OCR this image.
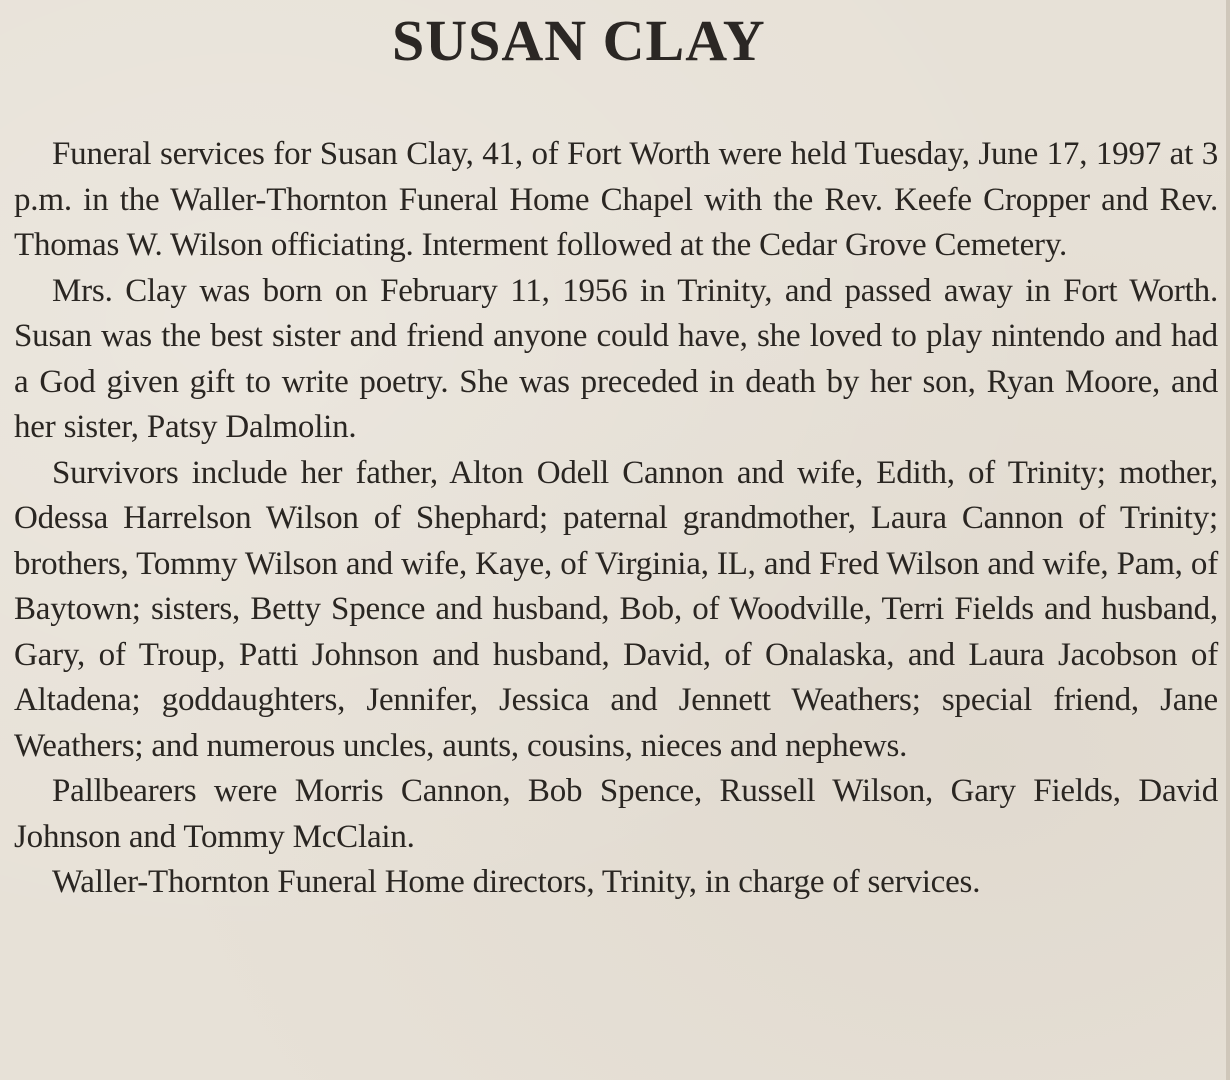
SUSAN CLAY

Funeral services for Susan Clay, 41, of Fort Worth were held Tuesday, June 17, 1997 at 3 p.m. in the Waller-Thornton Funeral Home Chapel with the Rev. Keefe Cropper and Rev. Thomas W. Wilson officiating. Interment followed at the Cedar Grove Cemetery.

Mrs. Clay was born on February 11, 1956 in Trinity, and passed away in Fort Worth. Susan was the best sister and friend anyone could have, she loved to play nintendo and had a God given gift to write poetry. She was preceded in death by her son, Ryan Moore, and her sister, Patsy Dalmolin.

Survivors include her father, Alton Odell Cannon and wife, Edith, of Trinity; mother, Odessa Harrelson Wilson of Shephard; paternal grandmother, Laura Cannon of Trinity; brothers, Tommy Wilson and wife, Kaye, of Virginia, IL, and Fred Wilson and wife, Pam, of Baytown; sisters, Betty Spence and husband, Bob, of Woodville, Terri Fields and husband, Gary, of Troup, Patti Johnson and husband, David, of Onalaska, and Laura Jacobson of Altadena; goddaughters, Jennifer, Jessica and Jennett Weathers; special friend, Jane Weathers; and numerous uncles, aunts, cousins, nieces and nephews.

Pallbearers were Morris Cannon, Bob Spence, Russell Wilson, Gary Fields, David Johnson and Tommy McClain.

Waller-Thornton Funeral Home directors, Trinity, in charge of services.
